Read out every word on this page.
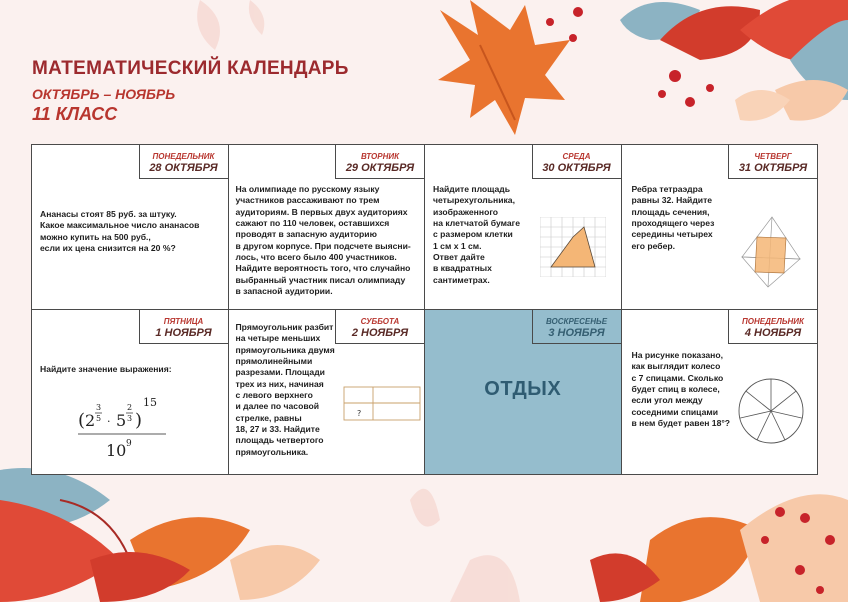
МАТЕМАТИЧЕСКИЙ КАЛЕНДАРЬ
ОКТЯБРЬ – НОЯБРЬ
11 КЛАСС
ПОНЕДЕЛЬНИК
28 ОКТЯБРЯ
Ананасы стоят 85 руб. за штуку.
Какое максимальное число ананасов
можно купить на 500 руб.,
если их цена снизится на 20 %?
ВТОРНИК
29 ОКТЯБРЯ
На олимпиаде по русскому языку
участников рассаживают по трем
аудиториям. В первых двух аудиториях
сажают по 110 человек, оставшихся
проводят в запасную аудиторию
в другом корпусе. При подсчете выясни-
лось, что всего было 400 участников.
Найдите вероятность того, что случайно
выбранный участник писал олимпиаду
в запасной аудитории.
СРЕДА
30 ОКТЯБРЯ
Найдите площадь
четырехугольника,
изображенного
на клетчатой бумаге
с размером клетки
1 см х 1 см.
Ответ дайте
в квадратных
сантиметрах.
ЧЕТВЕРГ
31 ОКТЯБРЯ
Ребра тетраэдра
равны 32. Найдите
площадь сечения,
проходящего через
середины четырех
его ребер.
ПЯТНИЦА
1 НОЯБРЯ
Найдите значение выражения:
( 2
3
5 · 5
2
3 )
15
10 9
СУББОТА
2 НОЯБРЯ
Прямоугольник разбит
на четыре меньших
прямоугольника двумя
прямолинейными
разрезами. Площади
трех из них, начиная
с левого верхнего
и далее по часовой
стрелке, равны
18, 27 и 33. Найдите
площадь четвертого
прямоугольника.
?
ВОСКРЕСЕНЬЕ
3 НОЯБРЯ
ОТДЫХ
ПОНЕДЕЛЬНИК
4 НОЯБРЯ
На рисунке показано,
как выглядит колесо
с 7 спицами. Сколько
будет спиц в колесе,
если угол между
соседними спицами
в нем будет равен 18°?
